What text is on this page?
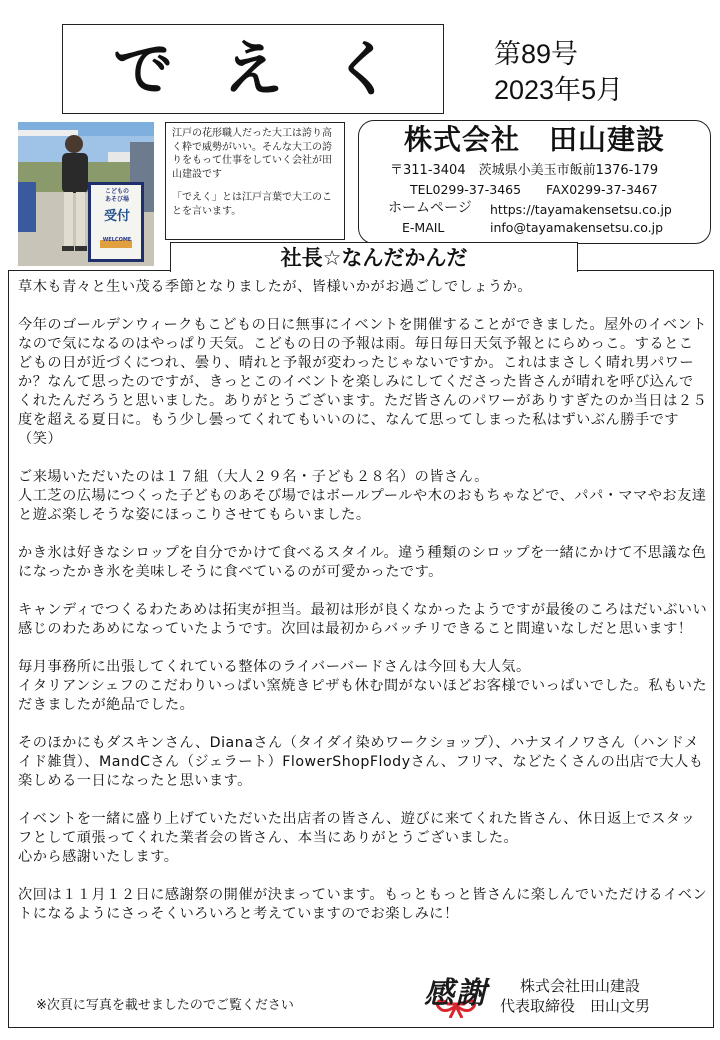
でえく 第89号
2023年5月
こどもの
あそび場
受付
WELCOME

江戸の花形職人だった大工は誇り高く粋で威勢がいい。そんな大工の誇りをもって仕事をしていく会社が田山建設です

「でえく」とは江戸言葉で大工のことを言います。

株式会社　田山建設
〒311-3404　茨城県小美玉市飯前1376-179
TEL0299-37-3465　　FAX0299-37-3467
ホームページ https://tayamakensetsu.co.jp
E-MAIL	info@tayamakensetsu.co.jp
社長☆なんだかんだ

草木も青々と生い茂る季節となりましたが、皆様いかがお過ごしでしょうか。

今年のゴールデンウィークもこどもの日に無事にイベントを開催することができました。屋外のイベントなので気になるのはやっぱり天気。こどもの日の予報は雨。毎日毎日天気予報とにらめっこ。するとこどもの日が近づくにつれ、曇り、晴れと予報が変わったじゃないですか。これはまさしく晴れ男パワーか？なんて思ったのですが、きっとこのイベントを楽しみにしてくださった皆さんが晴れを呼び込んでくれたんだろうと思いました。ありがとうございます。ただ皆さんのパワーがありすぎたのか当日は２５度を超える夏日に。もう少し曇ってくれてもいいのに、なんて思ってしまった私はずいぶん勝手です（笑）

ご来場いただいたのは１７組（大人２９名・子ども２８名）の皆さん。
人工芝の広場につくった子どものあそび場ではボールプールや木のおもちゃなどで、パパ・ママやお友達と遊ぶ楽しそうな姿にほっこりさせてもらいました。

かき氷は好きなシロップを自分でかけて食べるスタイル。違う種類のシロップを一緒にかけて不思議な色になったかき氷を美味しそうに食べているのが可愛かったです。

キャンディでつくるわたあめは拓実が担当。最初は形が良くなかったようですが最後のころはだいぶいい感じのわたあめになっていたようです。次回は最初からバッチリできること間違いなしだと思います！

毎月事務所に出張してくれている整体のライバーバードさんは今回も大人気。
イタリアンシェフのこだわりいっぱい窯焼きピザも休む間がないほどお客様でいっぱいでした。私もいただきましたが絶品でした。

そのほかにもダスキンさん、Dianaさん（タイダイ染めワークショップ）、ハナヌイノワさん（ハンドメイド雑貨）、MandCさん（ジェラート）FlowerShopFlodyさん、フリマ、などたくさんの出店で大人も楽しめる一日になったと思います。

イベントを一緒に盛り上げていただいた出店者の皆さん、遊びに来てくれた皆さん、休日返上でスタッフとして頑張ってくれた業者会の皆さん、本当にありがとうございました。
心から感謝いたします。

次回は１１月１２日に感謝祭の開催が決まっています。もっともっと皆さんに楽しんでいただけるイベントになるようにさっそくいろいろと考えていますのでお楽しみに！

感謝	株式会社田山建設
代表取締役　田山文男
※次頁に写真を載せましたのでご覧ください
